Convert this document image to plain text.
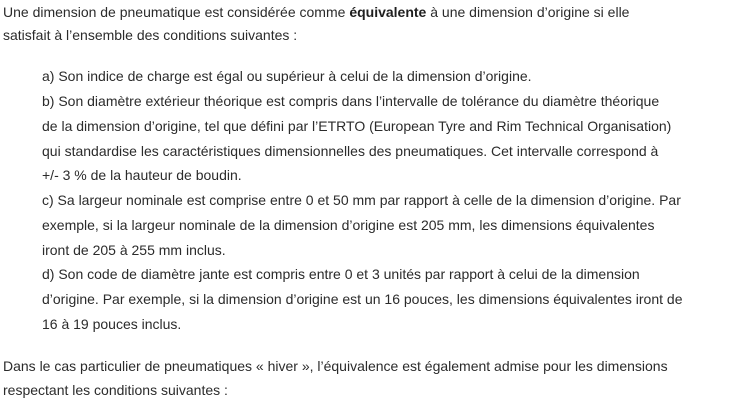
Une dimension de pneumatique est considérée comme équivalente à une dimension d’origine si elle

satisfait à l’ensemble des conditions suivantes :

a) Son indice de charge est égal ou supérieur à celui de la dimension d’origine.

b) Son diamètre extérieur théorique est compris dans l’intervalle de tolérance du diamètre théorique

de la dimension d’origine, tel que défini par l’ETRTO (European Tyre and Rim Technical Organisation)

qui standardise les caractéristiques dimensionnelles des pneumatiques. Cet intervalle correspond à

+/- 3 % de la hauteur de boudin.

c) Sa largeur nominale est comprise entre 0 et 50 mm par rapport à celle de la dimension d’origine. Par

exemple, si la largeur nominale de la dimension d’origine est 205 mm, les dimensions équivalentes

iront de 205 à 255 mm inclus.

d) Son code de diamètre jante est compris entre 0 et 3 unités par rapport à celui de la dimension

d’origine. Par exemple, si la dimension d’origine est un 16 pouces, les dimensions équivalentes iront de

16 à 19 pouces inclus.

Dans le cas particulier de pneumatiques « hiver », l’équivalence est également admise pour les dimensions

respectant les conditions suivantes :
